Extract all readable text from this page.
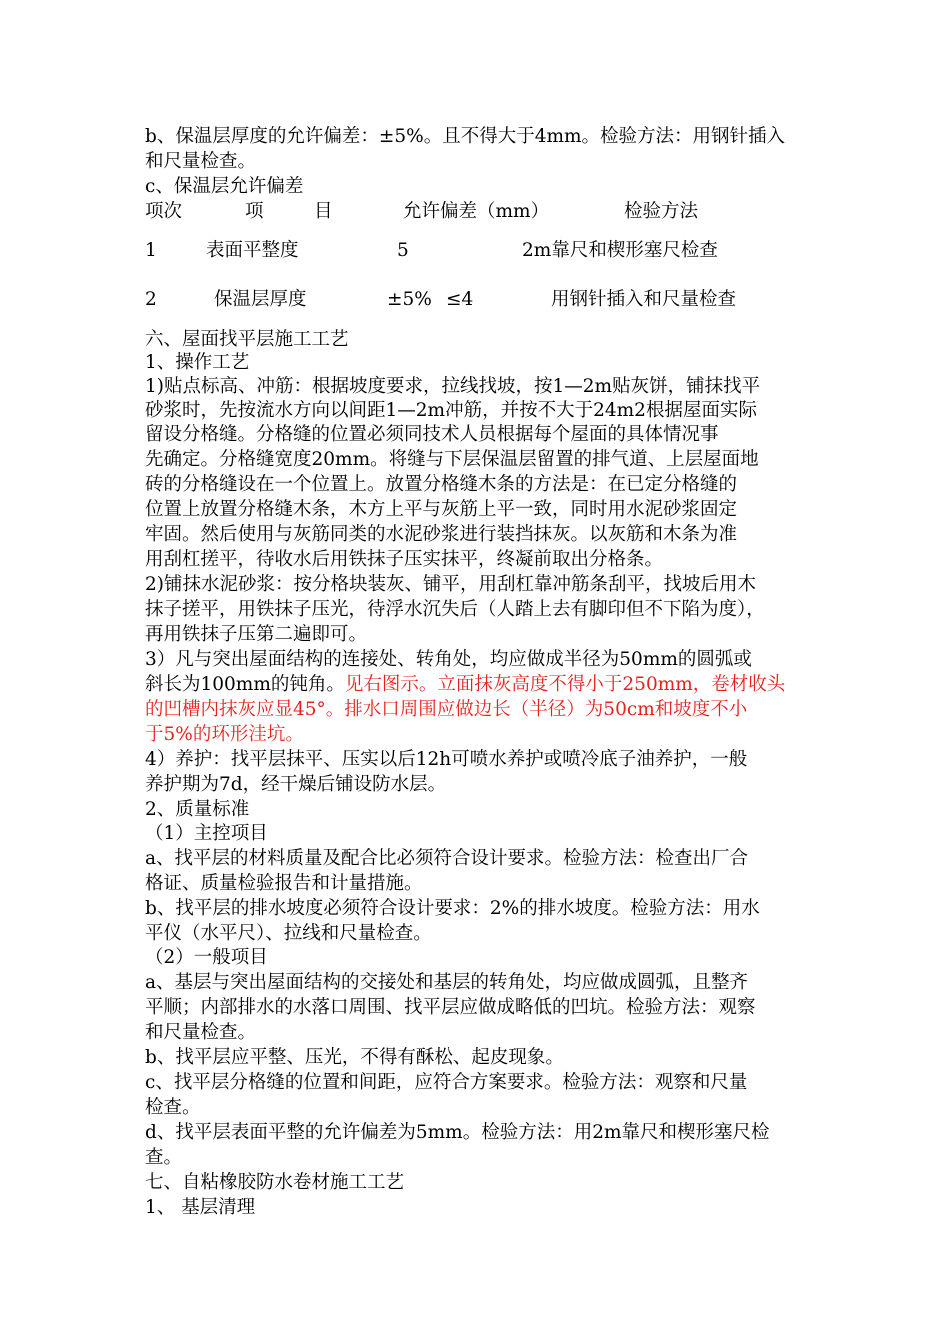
b、保温层厚度的允许偏差：±5%。且不得大于4mm。检验方法：用钢针插入
和尺量检查。
c、保温层允许偏差
项次	项	目	允许偏差（mm）	检验方法
1	表面平整度	5	2m靠尺和楔形塞尺检查
2	保温层厚度	±5% ≤4	用钢针插入和尺量检查
六、屋面找平层施工工艺
1、操作工艺
1)贴点标高、冲筋：根据坡度要求，拉线找坡，按1—2m贴灰饼，铺抹找平
砂浆时，先按流水方向以间距1—2m冲筋，并按不大于24m2根据屋面实际
留设分格缝。分格缝的位置必须同技术人员根据每个屋面的具体情况事
先确定。分格缝宽度20mm。将缝与下层保温层留置的排气道、上层屋面地
砖的分格缝设在一个位置上。放置分格缝木条的方法是：在已定分格缝的
位置上放置分格缝木条，木方上平与灰筋上平一致，同时用水泥砂浆固定
牢固。然后使用与灰筋同类的水泥砂浆进行装挡抹灰。以灰筋和木条为准
用刮杠搓平，待收水后用铁抹子压实抹平，终凝前取出分格条。
2)铺抹水泥砂浆：按分格块装灰、铺平，用刮杠靠冲筋条刮平，找坡后用木
抹子搓平，用铁抹子压光，待浮水沉失后（人踏上去有脚印但不下陷为度），
再用铁抹子压第二遍即可。
3）凡与突出屋面结构的连接处、转角处，均应做成半径为50mm的圆弧或
斜长为100mm的钝角。见右图示。立面抹灰高度不得小于250mm，卷材收头
的凹槽内抹灰应显45°。排水口周围应做边长（半径）为50cm和坡度不小
于5%的环形洼坑。
4）养护：找平层抹平、压实以后12h可喷水养护或喷冷底子油养护，一般
养护期为7d，经干燥后铺设防水层。
2、质量标准
（1）主控项目
a、找平层的材料质量及配合比必须符合设计要求。检验方法：检查出厂合
格证、质量检验报告和计量措施。
b、找平层的排水坡度必须符合设计要求：2%的排水坡度。检验方法：用水
平仪（水平尺）、拉线和尺量检查。
（2）一般项目
a、基层与突出屋面结构的交接处和基层的转角处，均应做成圆弧，且整齐
平顺；内部排水的水落口周围、找平层应做成略低的凹坑。检验方法：观察
和尺量检查。
b、找平层应平整、压光，不得有酥松、起皮现象。
c、找平层分格缝的位置和间距，应符合方案要求。检验方法：观察和尺量
检查。
d、找平层表面平整的允许偏差为5mm。检验方法：用2m靠尺和楔形塞尺检
查。
七、自粘橡胶防水卷材施工工艺
1、 基层清理
